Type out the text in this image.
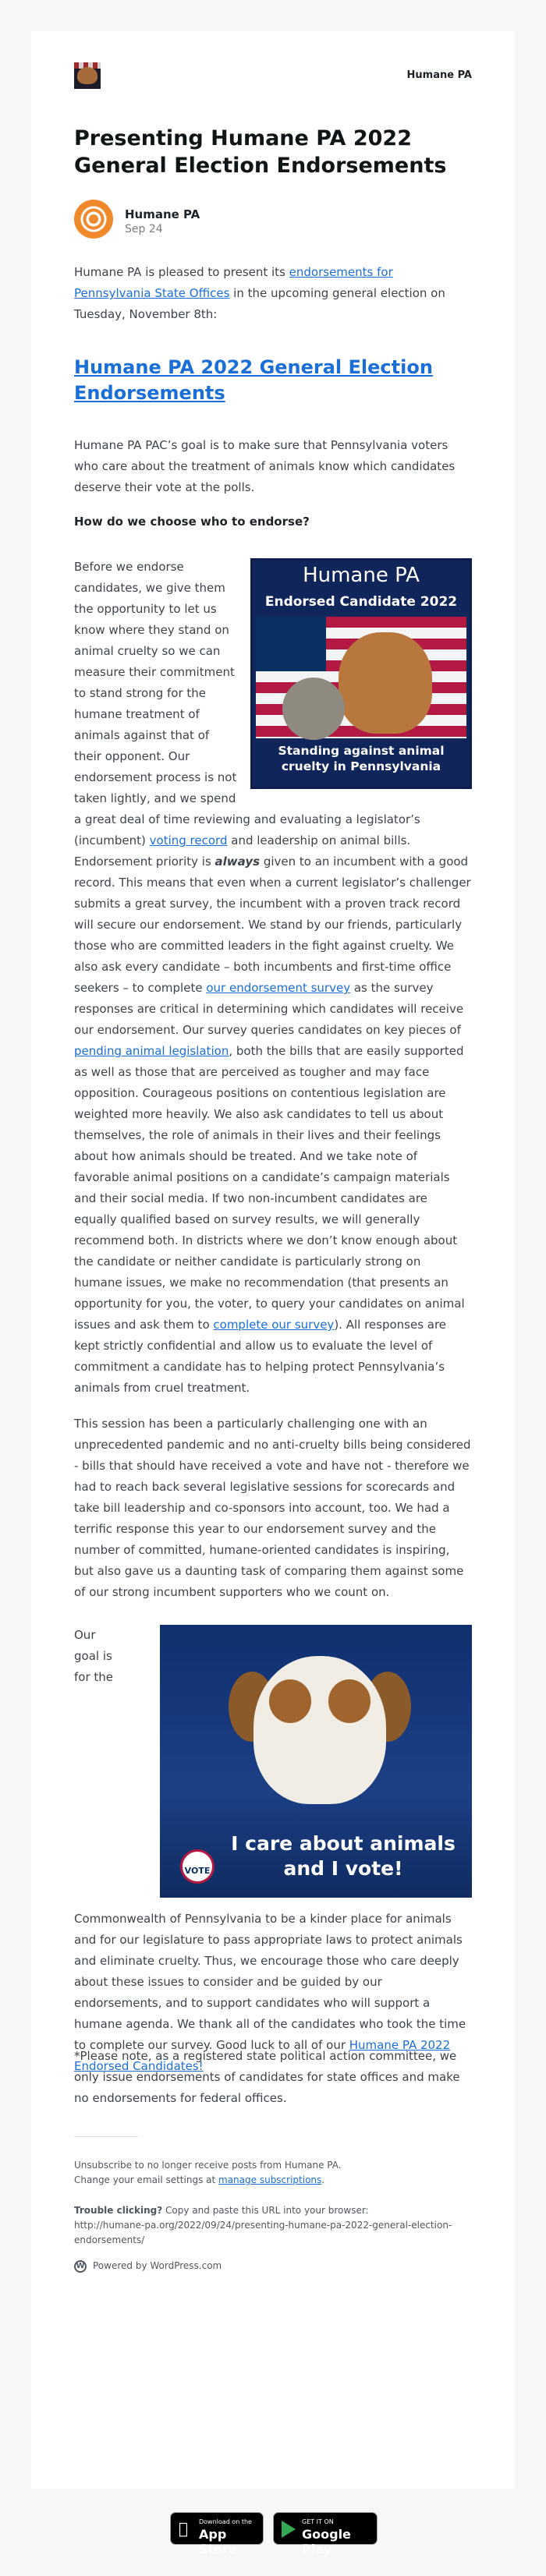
Humane PA
Presenting Humane PA 2022 General Election Endorsements
Humane PA
Sep 24

Humane PA is pleased to present its endorsements for Pennsylvania State Offices in the upcoming general election on Tuesday, November 8th:

Humane PA 2022 General Election Endorsements

Humane PA PAC’s goal is to make sure that Pennsylvania voters who care about the treatment of animals know which candidates deserve their vote at the polls.

How do we choose who to endorse?

Humane PA
Endorsed Candidate 2022
Standing against animal cruelty in Pennsylvania
Before we endorse candidates, we give them the opportunity to let us know where they stand on animal cruelty so we can measure their commitment to stand strong for the humane treatment of animals against that of their opponent. Our endorsement process is not taken lightly, and we spend a great deal of time reviewing and evaluating a legislator’s (incumbent) voting record and leadership on animal bills. Endorsement priority is always given to an incumbent with a good record. This means that even when a current legislator’s challenger submits a great survey, the incumbent with a proven track record will secure our endorsement. We stand by our friends, particularly those who are committed leaders in the fight against cruelty. We also ask every candidate – both incumbents and first-time office seekers – to complete our endorsement survey as the survey responses are critical in determining which candidates will receive our endorsement. Our survey queries candidates on key pieces of pending animal legislation, both the bills that are easily supported as well as those that are perceived as tougher and may face opposition. Courageous positions on contentious legislation are weighted more heavily. We also ask candidates to tell us about themselves, the role of animals in their lives and their feelings about how animals should be treated. And we take note of favorable animal positions on a candidate’s campaign materials and their social media. If two non-incumbent candidates are equally qualified based on survey results, we will generally recommend both. In districts where we don’t know enough about the candidate or neither candidate is particularly strong on humane issues, we make no recommendation (that presents an opportunity for you, the voter, to query your candidates on animal issues and ask them to complete our survey). All responses are kept strictly confidential and allow us to evaluate the level of commitment a candidate has to helping protect Pennsylvania’s animals from cruel treatment.

This session has been a particularly challenging one with an unprecedented pandemic and no anti-cruelty bills being considered - bills that should have received a vote and have not - therefore we had to reach back several legislative sessions for scorecards and take bill leadership and co-sponsors into account, too. We had a terrific response this year to our endorsement survey and the number of committed, humane-oriented candidates is inspiring, but also gave us a daunting task of comparing them against some of our strong incumbent supporters who we count on.

Our goal is for the
VOTE
I care about animals and I vote!

Commonwealth of Pennsylvania to be a kinder place for animals and for our legislature to pass appropriate laws to protect animals and eliminate cruelty. Thus, we encourage those who care deeply about these issues to consider and be guided by our endorsements, and to support candidates who will support a humane agenda. We thank all of the candidates who took the time to complete our survey. Good luck to all of our Humane PA 2022 Endorsed Candidates!

*Please note, as a registered state political action committee, we only issue endorsements of candidates for state offices and make no endorsements for federal offices.

Unsubscribe to no longer receive posts from Humane PA.
Change your email settings at manage subscriptions.
Trouble clicking? Copy and paste this URL into your browser:
http://humane-pa.org/2022/09/24/presenting-humane-pa-2022-general-election-endorsements/
W Powered by WordPress.com
Download on the
App Store
GET IT ON
Google Play
